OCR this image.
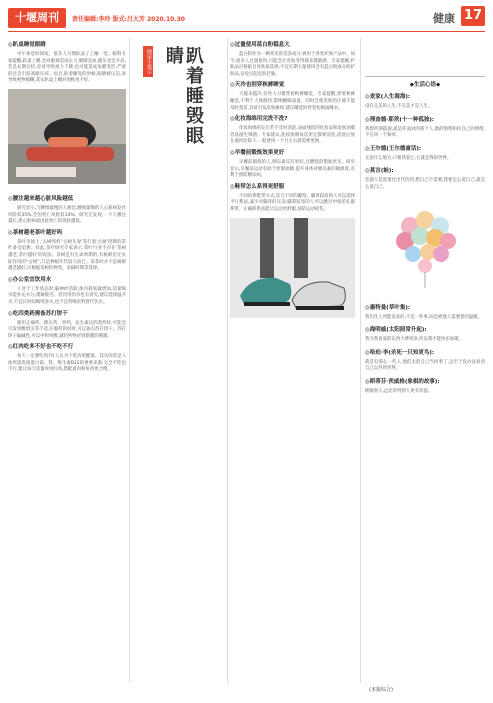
十堰周刊	责任编辑:李玲 版式:吕大芳 2020.10.30	健康 17
◎趴桌睡觉眼睛

中午休息时间短，很多人习惯趴桌子上睡一觉。眼科专家提醒,趴桌上睡,会对眼球造成压力,眼睛充血,眼压也会升高,若是长期这样,容易导致视力下降,也可能造成角膜变形,严重的还会引发高眼压症。而且,趴着睡觉的时候,眼睛被压迫,易导致视物模糊,其实趴桌上睡对颈椎也不好。

◎腰注越来越心脏风险越低

研究显示,与腰围最粗的人相比,腰围最细的人心脏病发作风险低35%,全因死亡风险低14%。研究还发现,一个人腰注越长,患心脏病或因此死亡的风险越低。

◎茶树越老茶叶越好吗

茶叶市场上,'古树纯料''古树头春'等打着'古树'招牌的茶叶备受追捧。对此,茶叶研究专家表示,茶叶行业不存在'茶树越老,茶叶越好'的说法。茶树是有生命周期的,有树龄但无实际作用的''古树'',只是种植年代较久而已。采茶时并不是树龄越老越好,应根据茶树的种类、采摘时期等选择。

◎办公室宜饮用水

人处于工作状态时,脑神经活跃,体内耗氧量增加,适量喝水能补充水分,缓解疲劳。但饮用的水也有讲究,建议选择温开水,不宜长时间喝纯净水,也不宜常喝饮料替代饮水。

◎吃四类药需备苏打饼干

服用止痛药、降压药、胃药、抗生素这四类药时,可能会引发胃酸增多等不适,在服药的同时,可以备点苏打饼干。苏打饼干偏碱性,可以中和胃酸,减轻药物对胃黏膜的刺激。

◎红肉吃多不好也不吃不行

每天一定要吃肉?有人认为不吃肉更健康。其实肉类是人体所需优质蛋白质、铁、维生素B12的重要来源,完全不吃也不行,建议每天适量食用红肉,搭配禽肉和鱼肉更合理。

健康小提示	趴着睡毁眼睛
◎过量使用蓝白粉稳息大

蓝白粉作为一种常见的美容成分,被用于各类护肤产品中。如今,很多人过量使用,可能会让皮肤变得越来越敏感。专家提醒,护肤品应根据自身肤质选择,不宜长期大量使用含有蓝白粉成分的护肤品,以免引起皮肤过敏。

◎天冷也别穿秋裤睡觉

天越来越冷,有些人习惯穿着秋裤睡觉。专家提醒,穿着秋裤睡觉,不利于人体散热,影响睡眠质量。同时会使皮肤的汗液不能及时蒸发,容易引发皮肤瘙痒,建议睡觉时穿宽松棉质睡衣。

◎化妆海绵用完洗不洗?

化妆海绵用完后若不及时清洗,表面残留的化妆品和皮肤油脂容易滋生细菌。专家建议,化妆海绵每次用完都要清洗,清洗后放在通风处晾干,一般使用一个月左右就需要更换。

◎早餐前锻炼效果更好

早餐前锻炼的人,胰岛素反应更好,且燃烧的脂肪更多。研究显示,早餐前运动有助于控制血糖,提升身体对胰岛素的敏感度,有利于预防糖尿病。

◎鞋带怎么系得更舒服

不同的系鞋带方式,适合不同的脚型。脚背较高的人可以选择平行系法,减少对脚背的压迫;脚掌较宽的人可以跳过中间的孔眼系带。正确的系法能让运动更舒服,预防运动损伤。

(本报综合)
◆生活心语◆
◎麦家(人生海海):

没有完美的人生,不完美才是人生。

◎理查德·耶茨(十一种孤独):

我想所谓孤独,就是你面对的那个人,他的情绪和你自己的情绪,不在同一个频率。

◎王尔德(王尔德童话):

无论什么地方,只要我爱它,它就是我的世界。

◎莫言(蛙):

悲剧人是需要往出代价的,想自己不需要,我要怎么爱自己,就怎么爱自己。

◎惠特曼(草叶集):

我们凡人所能追求的,不是一件事,而是被他人需要着的温暖。

◎海明威(太阳照常升起):

我为我喜爱的东西大费周章,所以我才能快乐如斯。

◎哈珀·李(杀死一只知更鸟):

就是有那么一些人,他们太把自己当回事了,以至于没办法看清自己以外的世界。

◎斯蒂芬·茨威格(象棋的故事):

理解别人,远比审判别人更有价值。
